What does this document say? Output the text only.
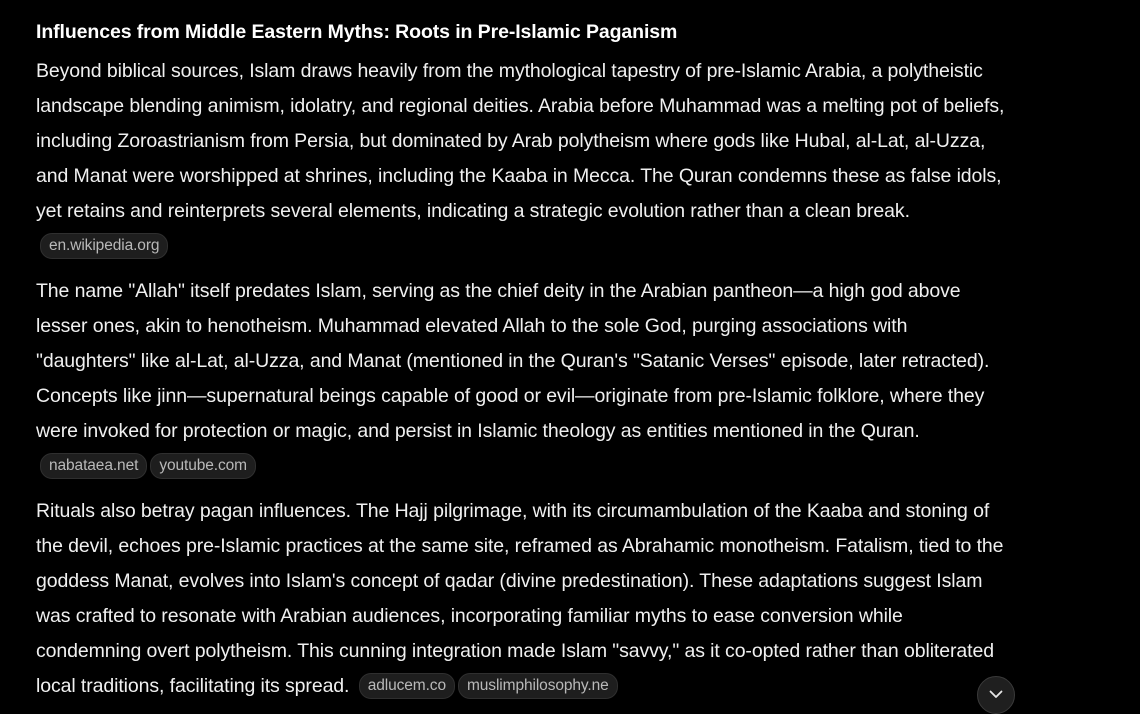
Influences from Middle Eastern Myths: Roots in Pre-Islamic Paganism

Beyond biblical sources, Islam draws heavily from the mythological tapestry of pre-Islamic Arabia, a polytheistic landscape blending animism, idolatry, and regional deities. Arabia before Muhammad was a melting pot of beliefs, including Zoroastrianism from Persia, but dominated by Arab polytheism where gods like Hubal, al-Lat, al-Uzza, and Manat were worshipped at shrines, including the Kaaba in Mecca. The Quran condemns these as false idols, yet retains and reinterprets several elements, indicating a strategic evolution rather than a clean break. en.wikipedia.org

The name "Allah" itself predates Islam, serving as the chief deity in the Arabian pantheon—a high god above lesser ones, akin to henotheism. Muhammad elevated Allah to the sole God, purging associations with "daughters" like al-Lat, al-Uzza, and Manat (mentioned in the Quran's "Satanic Verses" episode, later retracted). Concepts like jinn—supernatural beings capable of good or evil—originate from pre-Islamic folklore, where they were invoked for protection or magic, and persist in Islamic theology as entities mentioned in the Quran. nabataea.net youtube.com

Rituals also betray pagan influences. The Hajj pilgrimage, with its circumambulation of the Kaaba and stoning of the devil, echoes pre-Islamic practices at the same site, reframed as Abrahamic monotheism. Fatalism, tied to the goddess Manat, evolves into Islam's concept of qadar (divine predestination). These adaptations suggest Islam was crafted to resonate with Arabian audiences, incorporating familiar myths to ease conversion while condemning overt polytheism. This cunning integration made Islam "savvy," as it co-opted rather than obliterated local traditions, facilitating its spread. adlucem.co muslimphilosophy.ne
